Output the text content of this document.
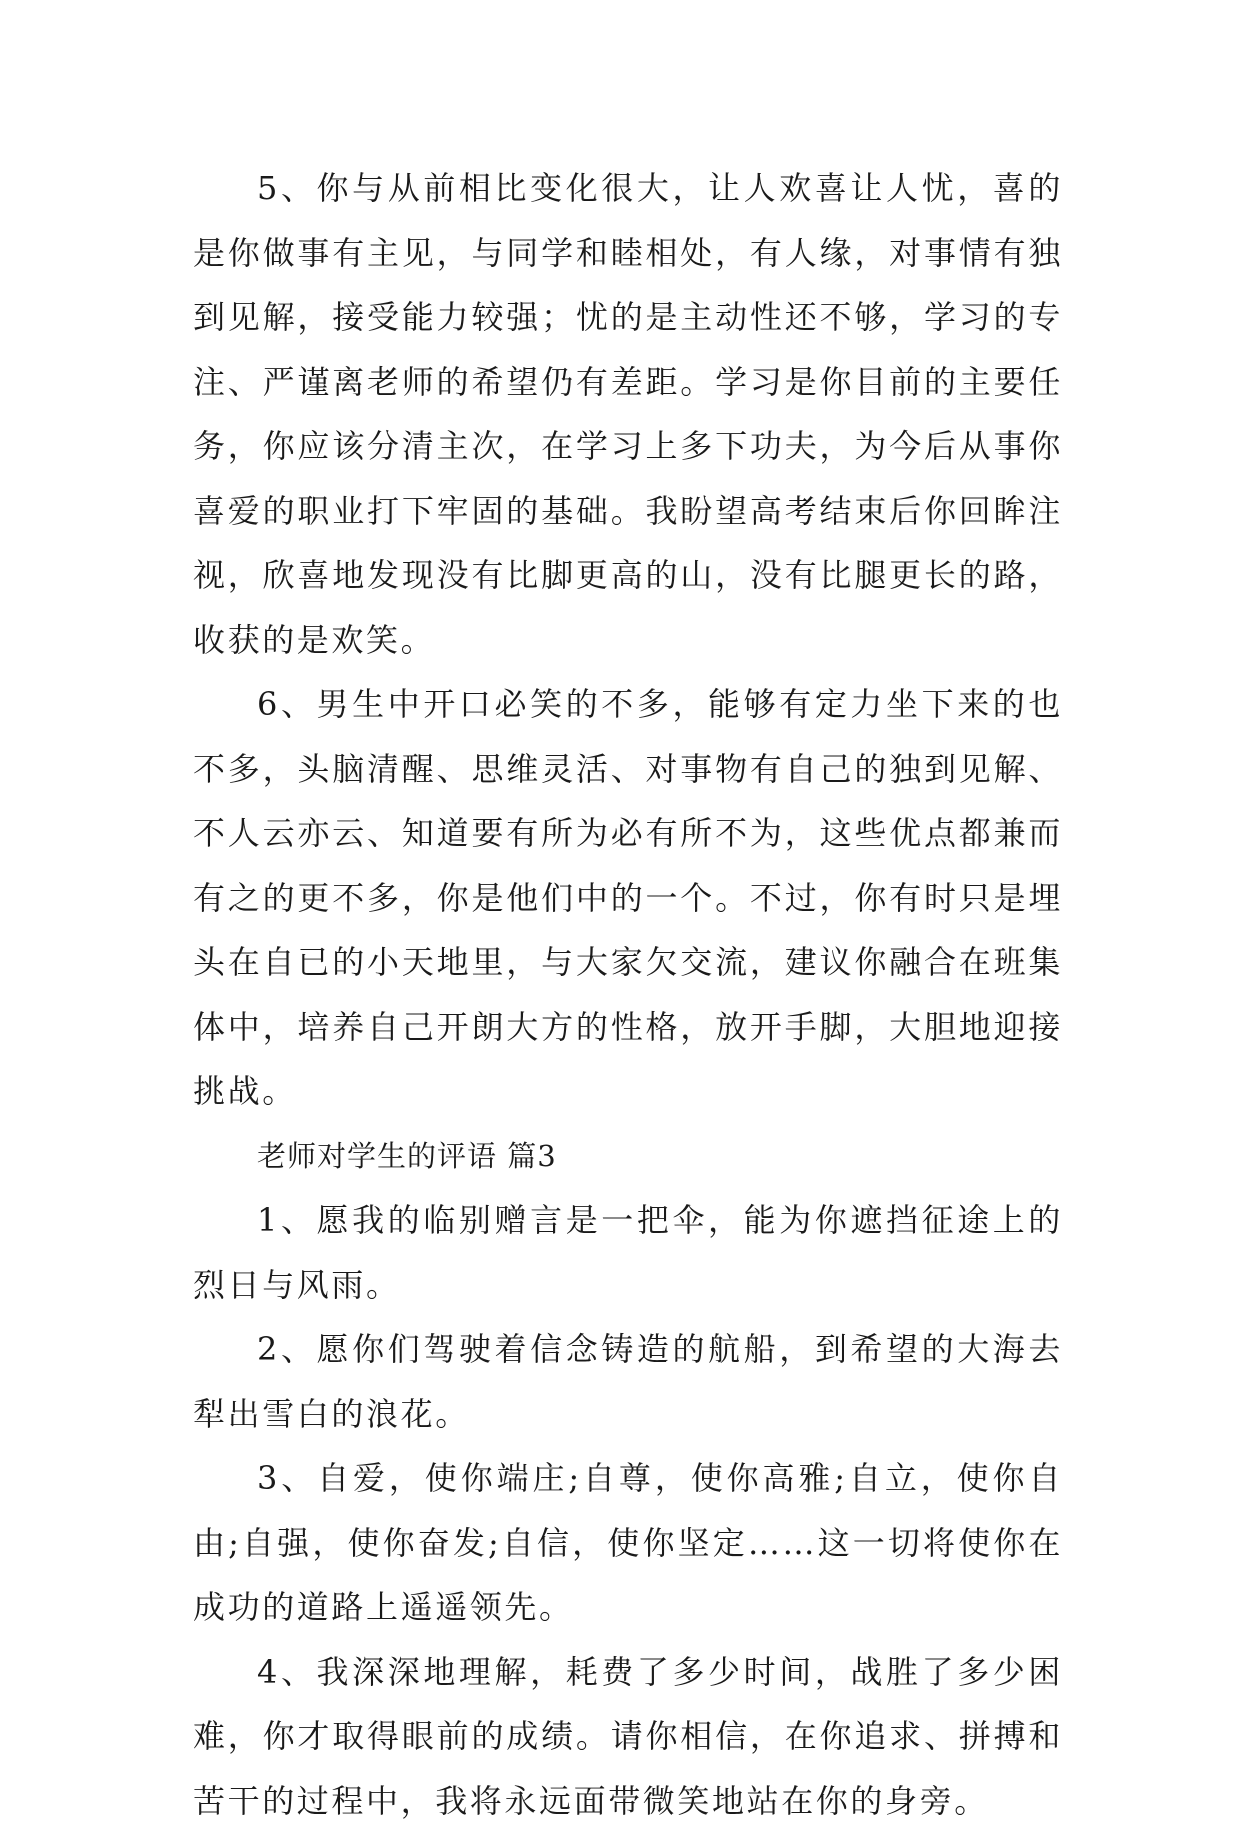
5、你与从前相比变化很大，让人欢喜让人忧，喜的是你做事有主见，与同学和睦相处，有人缘，对事情有独到见解，接受能力较强；忧的是主动性还不够，学习的专注、严谨离老师的希望仍有差距。学习是你目前的主要任务，你应该分清主次，在学习上多下功夫，为今后从事你喜爱的职业打下牢固的基础。我盼望高考结束后你回眸注视，欣喜地发现没有比脚更高的山，没有比腿更长的路，收获的是欢笑。

6、男生中开口必笑的不多，能够有定力坐下来的也不多，头脑清醒、思维灵活、对事物有自己的独到见解、不人云亦云、知道要有所为必有所不为，这些优点都兼而有之的更不多，你是他们中的一个。不过，你有时只是埋头在自已的小天地里，与大家欠交流，建议你融合在班集体中，培养自己开朗大方的性格，放开手脚，大胆地迎接挑战。

老师对学生的评语 篇3

1、愿我的临别赠言是一把伞，能为你遮挡征途上的烈日与风雨。

2、愿你们驾驶着信念铸造的航船，到希望的大海去犁出雪白的浪花。

3、自爱，使你端庄;自尊，使你高雅;自立，使你自由;自强，使你奋发;自信，使你坚定……这一切将使你在成功的道路上遥遥领先。

4、我深深地理解，耗费了多少时间，战胜了多少困难，你才取得眼前的成绩。请你相信，在你追求、拼搏和苦干的过程中，我将永远面带微笑地站在你的身旁。
